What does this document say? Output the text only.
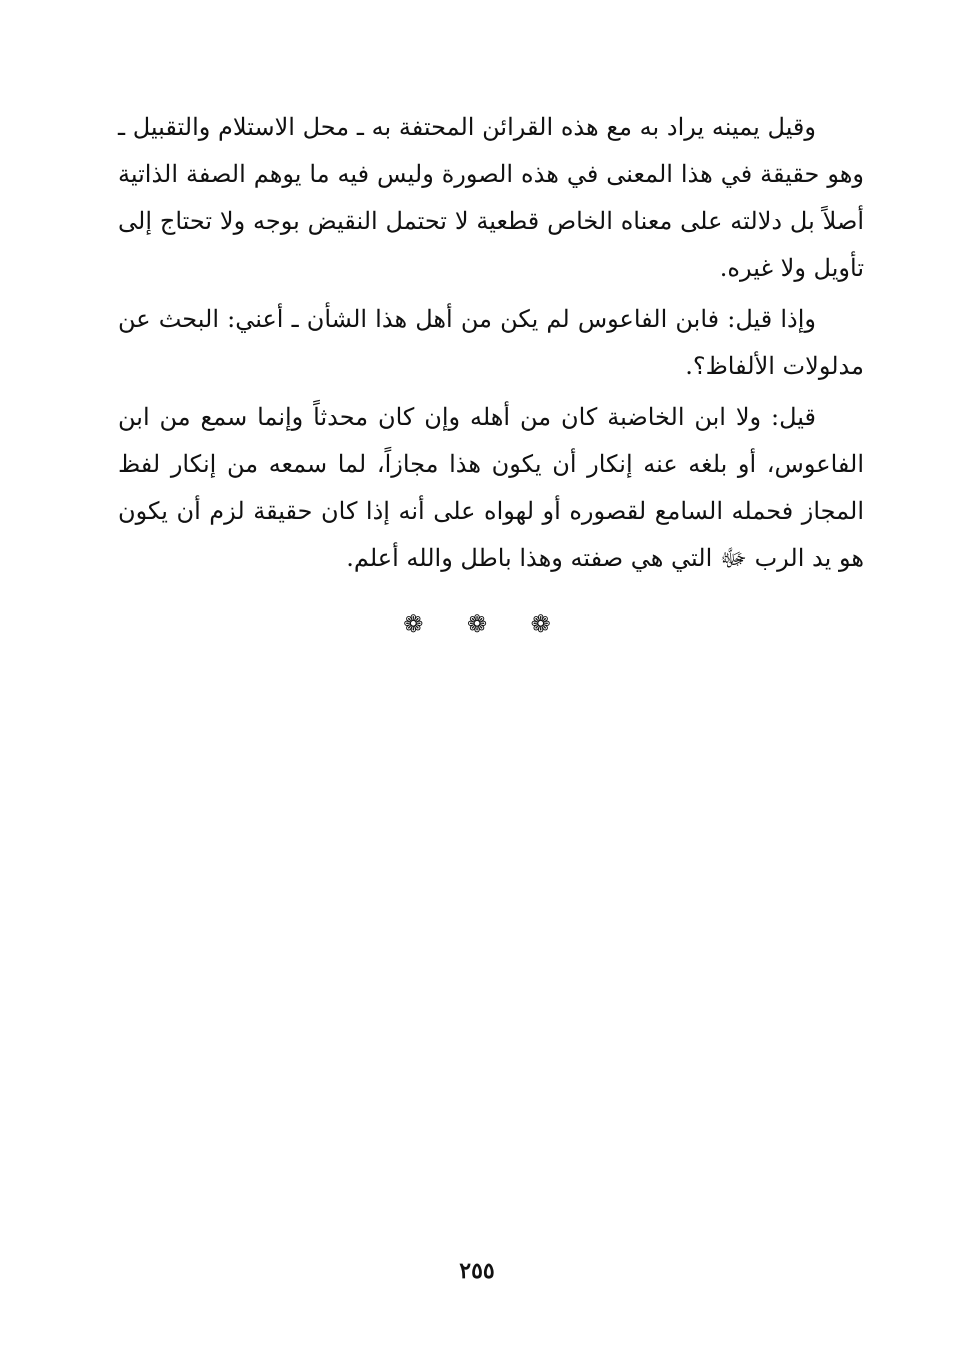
وقيل يمينه يراد به مع هذه القرائن المحتفة به ـ محل الاستلام والتقبيل ـ وهو حقيقة في هذا المعنى في هذه الصورة وليس فيه ما يوهم الصفة الذاتية أصلاً بل دلالته على معناه الخاص قطعية لا تحتمل النقيض بوجه ولا تحتاج إلى تأويل ولا غيره.

وإذا قيل: فابن الفاعوس لم يكن من أهل هذا الشأن ـ أعني: البحث عن مدلولات الألفاظ؟.

قيل: ولا ابن الخاضبة كان من أهله وإن كان محدثاً وإنما سمع من ابن الفاعوس، أو بلغه عنه إنكار أن يكون هذا مجازاً، لما سمعه من إنكار لفظ المجاز فحمله السامع لقصوره أو لهواه على أنه إذا كان حقيقة لزم أن يكون هو يد الرب ﷻ التي هي صفته وهذا باطل والله أعلم.

❁ ❁ ❁
٢٥٥
